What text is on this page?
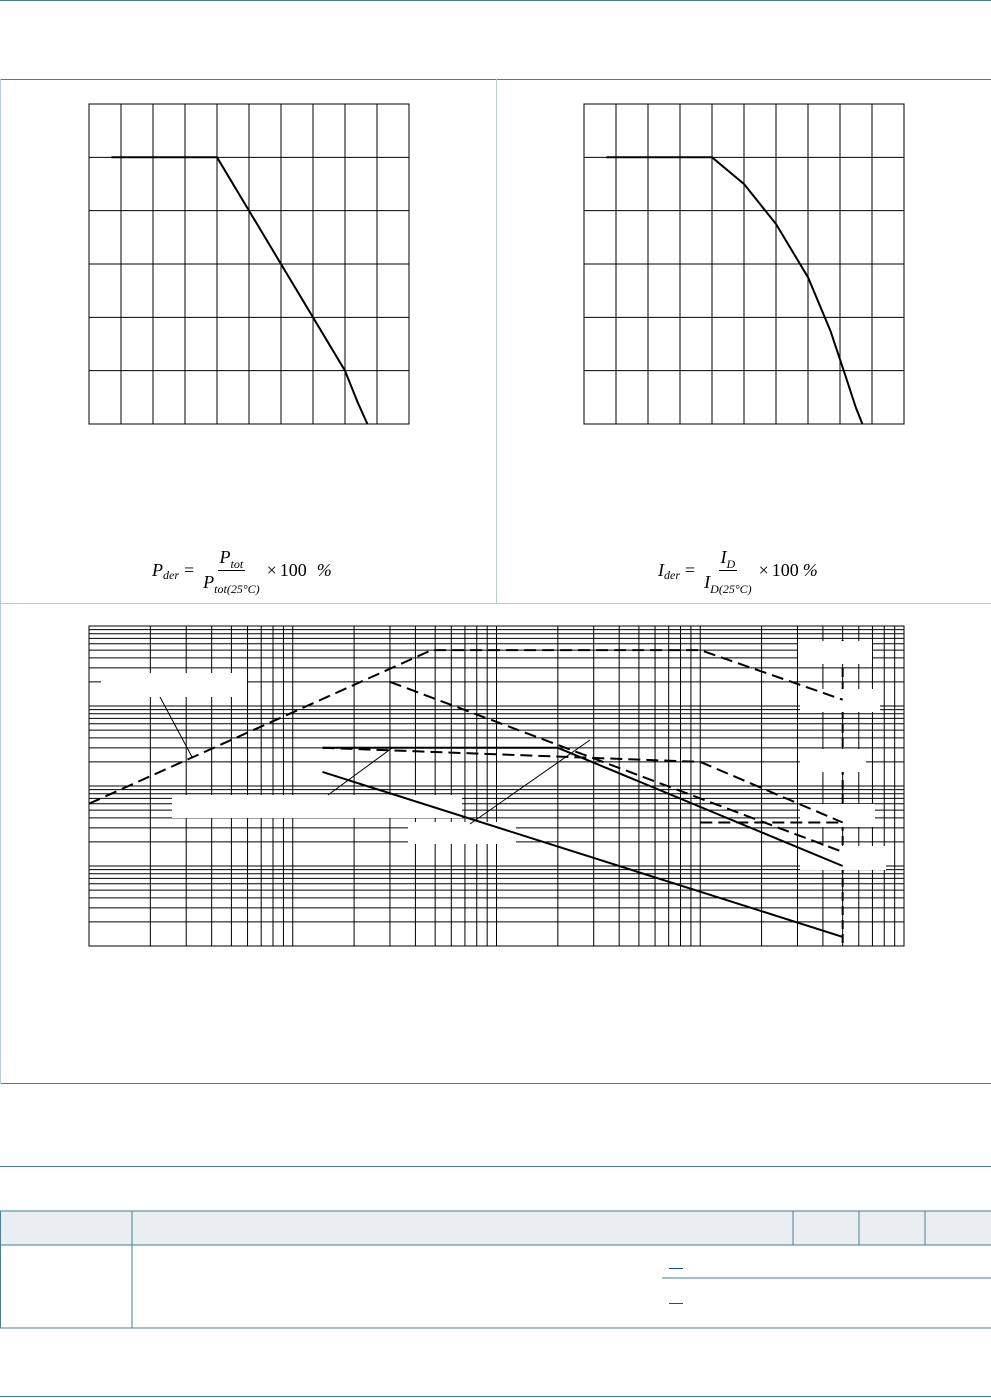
P der = $\frac{P_{tot}}{P_{tot(25^\circ C)}} \times 100$ %	I der = $\frac{I_D}{I_{D(25^\circ C)}} \times 100$ %
